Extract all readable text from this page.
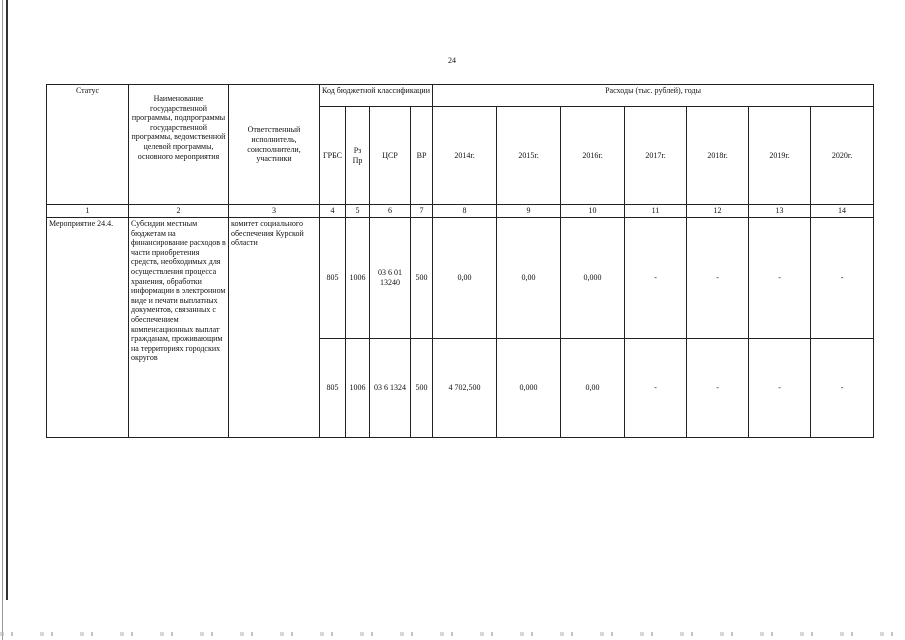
24
Статус	Наименование государственной программы, подпрограммы государственной программы, ведомственной целевой программы, основного мероприятия	Ответственный исполнитель, соисполнители, участники	Код бюджетной классификации				Расходы (тыс. рублей), годы						
			ГРБС	Рз Пр	ЦСР	ВР	2014г.	2015г.	2016г.	2017г.	2018г.	2019г.	2020г.
1	2	3	4	5	6	7	8	9	10	11	12	13	14
Мероприятие 24.4.	Субсидии местным бюджетам на финансирование расходов в части приобретения средств, необходимых для осуществления процесса хранения, обработки информации в электронном виде и печати выплатных документов, связанных с обеспечением компенсационных выплат гражданам, проживающим на территориях городских округов	комитет социального обеспечения Курской области	805	1006	03 6 01 13240	500	0,00	0,00	0,000	-	-	-	-
			805	1006	03 6 1324	500	4 702,500	0,000	0,00	-	-	-	-
